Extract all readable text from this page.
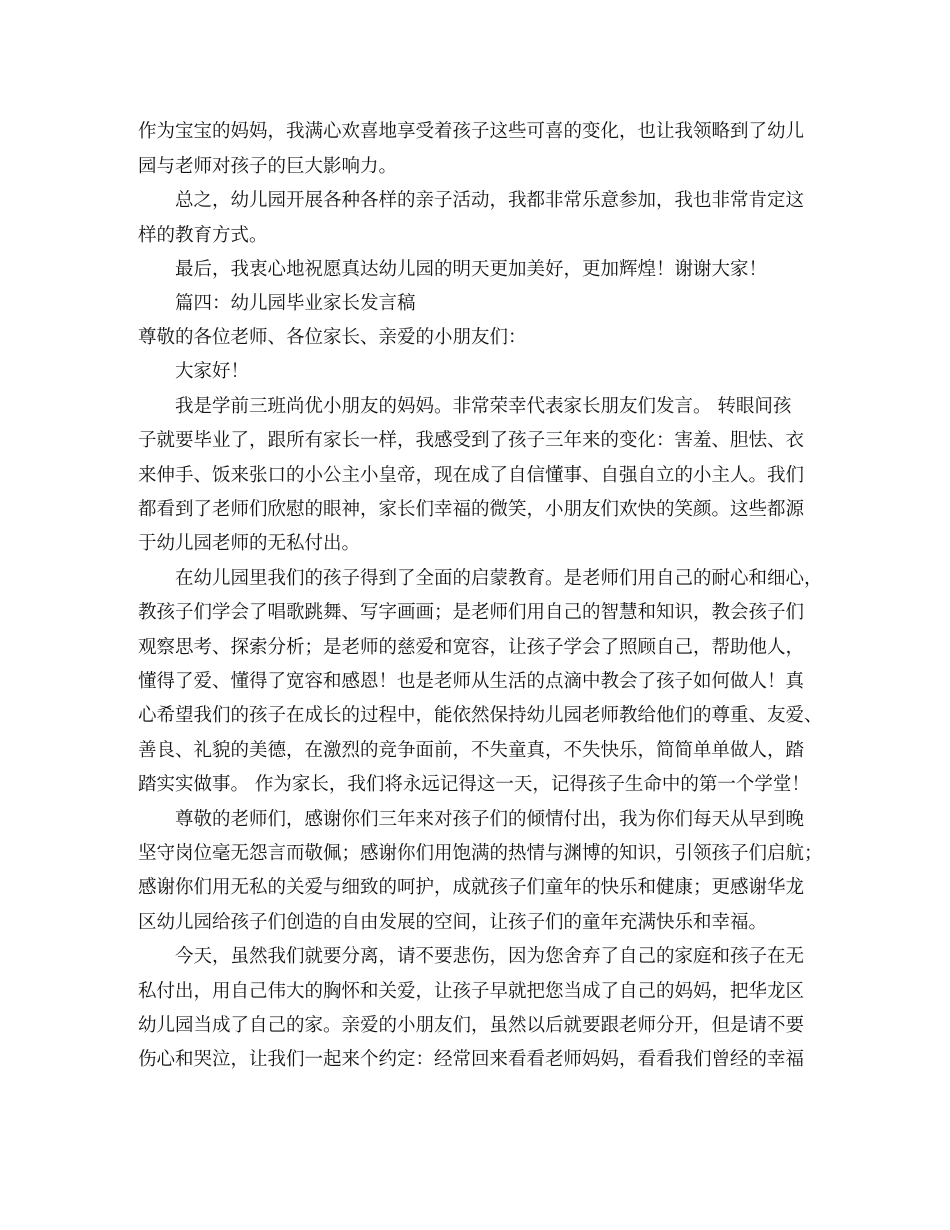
作为宝宝的妈妈，我满心欢喜地享受着孩子这些可喜的变化，也让我领略到了幼儿
园与老师对孩子的巨大影响力。
总之，幼儿园开展各种各样的亲子活动，我都非常乐意参加，我也非常肯定这
样的教育方式。
最后，我衷心地祝愿真达幼儿园的明天更加美好，更加辉煌！谢谢大家！
篇四：幼儿园毕业家长发言稿
尊敬的各位老师、各位家长、亲爱的小朋友们：
大家好！
我是学前三班尚优小朋友的妈妈。非常荣幸代表家长朋友们发言。 转眼间孩
子就要毕业了，跟所有家长一样，我感受到了孩子三年来的变化：害羞、胆怯、衣
来伸手、饭来张口的小公主小皇帝，现在成了自信懂事、自强自立的小主人。我们
都看到了老师们欣慰的眼神，家长们幸福的微笑，小朋友们欢快的笑颜。这些都源
于幼儿园老师的无私付出。
在幼儿园里我们的孩子得到了全面的启蒙教育。是老师们用自己的耐心和细心，
教孩子们学会了唱歌跳舞、写字画画；是老师们用自己的智慧和知识，教会孩子们
观察思考、探索分析；是老师的慈爱和宽容，让孩子学会了照顾自己，帮助他人，
懂得了爱、懂得了宽容和感恩！也是老师从生活的点滴中教会了孩子如何做人！真
心希望我们的孩子在成长的过程中，能依然保持幼儿园老师教给他们的尊重、友爱、
善良、礼貌的美德，在激烈的竞争面前，不失童真，不失快乐，简简单单做人，踏
踏实实做事。 作为家长，我们将永远记得这一天，记得孩子生命中的第一个学堂！
尊敬的老师们，感谢你们三年来对孩子们的倾情付出，我为你们每天从早到晚
坚守岗位毫无怨言而敬佩；感谢你们用饱满的热情与渊博的知识，引领孩子们启航；
感谢你们用无私的关爱与细致的呵护，成就孩子们童年的快乐和健康；更感谢华龙
区幼儿园给孩子们创造的自由发展的空间，让孩子们的童年充满快乐和幸福。
今天，虽然我们就要分离，请不要悲伤，因为您舍弃了自己的家庭和孩子在无
私付出，用自己伟大的胸怀和关爱，让孩子早就把您当成了自己的妈妈，把华龙区
幼儿园当成了自己的家。亲爱的小朋友们，虽然以后就要跟老师分开，但是请不要
伤心和哭泣，让我们一起来个约定：经常回来看看老师妈妈，看看我们曾经的幸福
